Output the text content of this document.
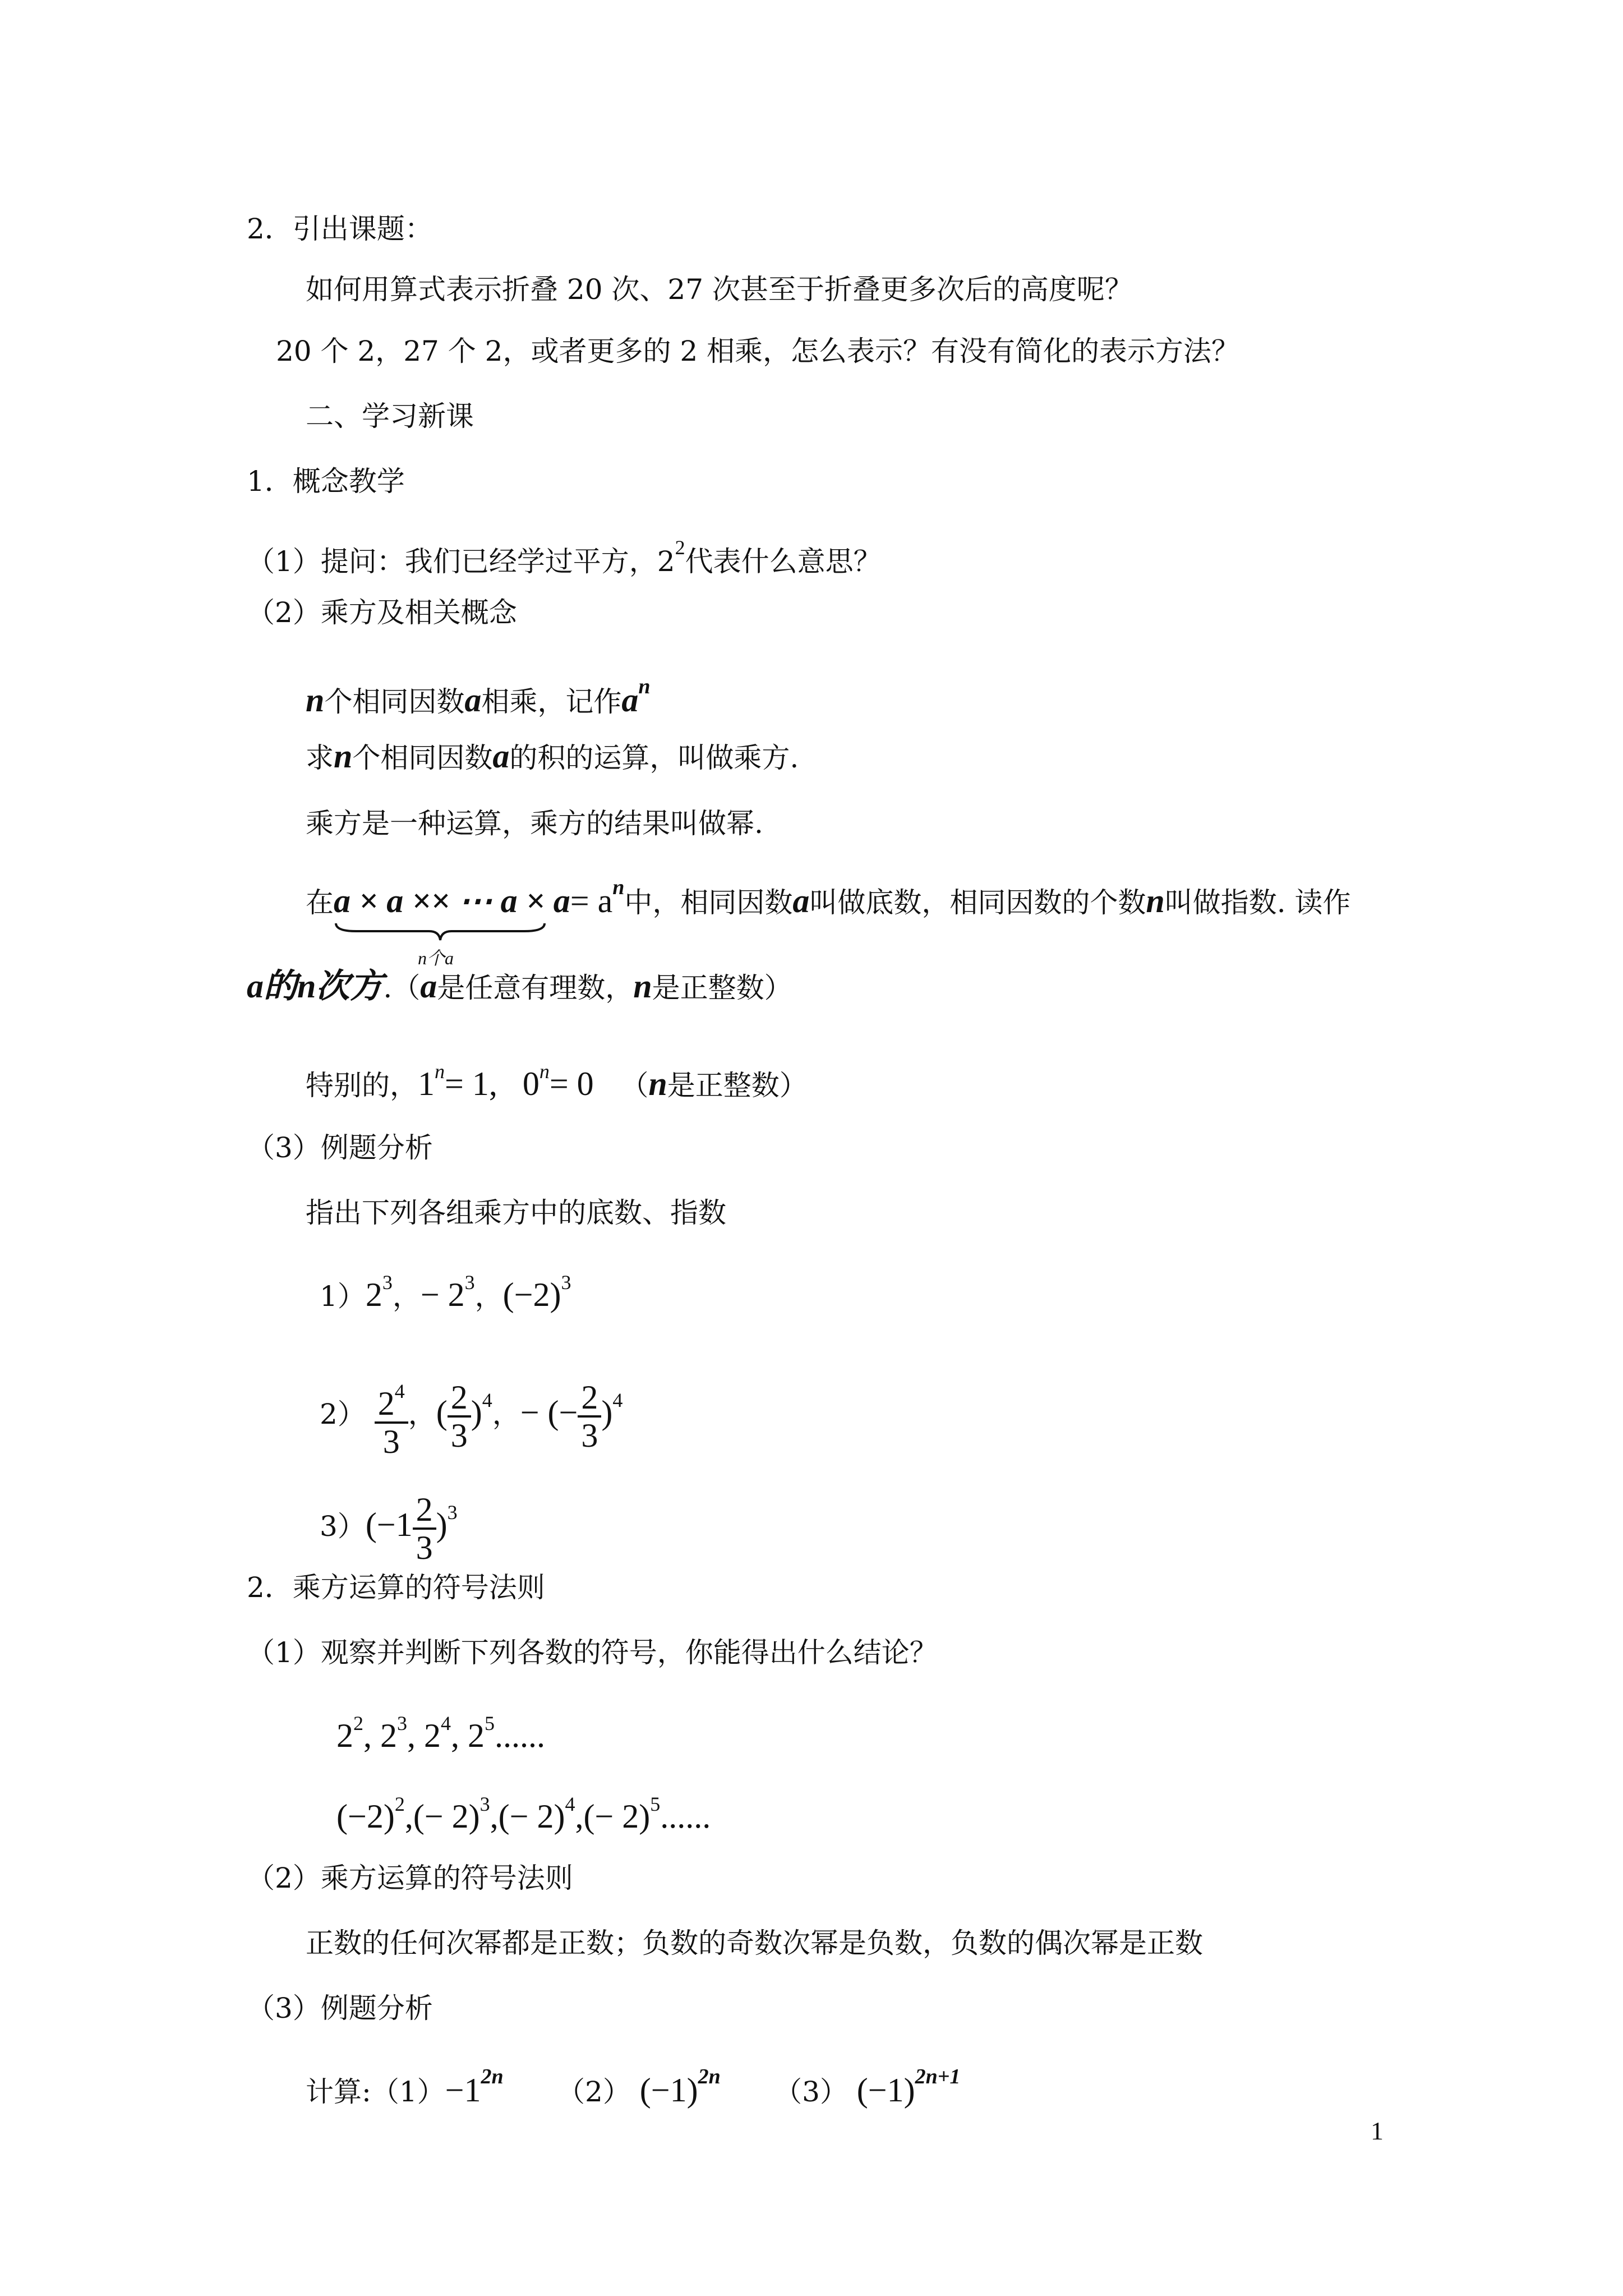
2．引出课题：
如何用算式表示折叠 20 次、27 次甚至于折叠更多次后的高度呢？
20 个 2，27 个 2，或者更多的 2 相乘，怎么表示？有没有简化的表示方法？
二、学习新课
1．概念教学
（1）提问：我们已经学过平方，$2^2$代表什么意思？
（2）乘方及相关概念
n个相同因数a相乘，记作$a^n$
求n个相同因数a的积的运算，叫做乘方.
乘方是一种运算，乘方的结果叫做幂.
在a × a ×× ⋯ a × a
n个a
= $a^n$中，相同因数a叫做底数，相同因数的个数n叫做指数. 读作
a的n次方.（a是任意有理数，n是正整数）
特别的，$1^n= 1$,   $0^n= 0$ （n是正整数）
（3）例题分析
指出下列各组乘方中的底数、指数
$1)2^3$，− $2^3$，$(-2)^3$
$2) \frac{2^4}{3}$ ，( $\frac{2}{3} )^4$，− (− $\frac{2}{3} )^4$
$3)(-1 \frac{2}{3} )^3$
2．乘方运算的符号法则
（1）观察并判断下列各数的符号，你能得出什么结论？
$2^2$, $2^3$, $2^4$, $2^5$......
$(-2)^2,(- 2)^3,(- 2)^4,(- 2)^5$......
（2）乘方运算的符号法则
正数的任何次幂都是正数；负数的奇数次幂是负数，负数的偶次幂是正数
（3）例题分析
计算$:(1)-1^{2n}$ （2） $(-1)^{2n}$ （3） $(-1)^{2n+1}$
1
